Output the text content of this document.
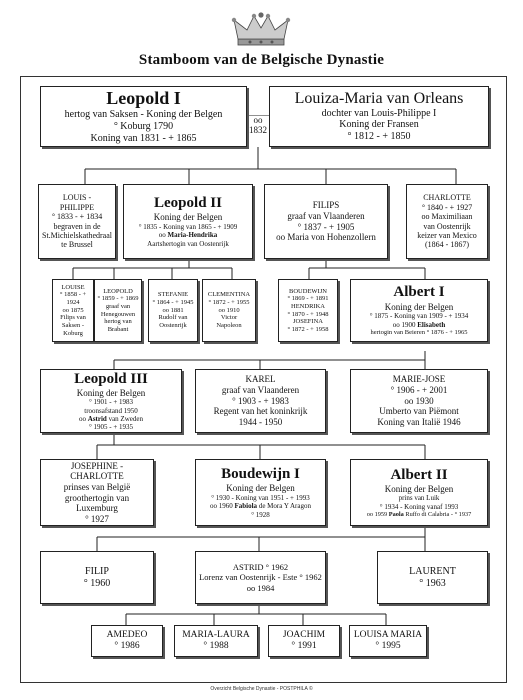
Stamboom van de Belgische Dynastie
oo
1832
Leopold I
hertog van Saksen - Koning der Belgen
° Koburg 1790
Koning van 1831 - + 1865
Louiza-Maria van Orleans
dochter van Louis-Philippe I
Koning der Fransen
° 1812 - + 1850
LOUIS -
PHILIPPE
° 1833 - + 1834
begraven in de
St.Michielskathedraal
te Brussel
Leopold II
Koning der Belgen
° 1835 - Koning van 1865 - + 1909
oo Maria-Hendrika
Aartshertogin van Oostenrijk
FILIPS
graaf van Vlaanderen
° 1837 - + 1905
oo Maria von Hohenzollern
CHARLOTTE
° 1840 - + 1927
oo Maximiliaan
van Oostenrijk
keizer van Mexico
(1864 - 1867)
LOUISE
° 1858 - + 1924
oo 1875
Filips van
Saksen -
Koburg
LEOPOLD
° 1859 - + 1869
graaf van
Henegouwen
hertog van
Brabant
STEFANIE
° 1864 - + 1945
oo 1881
Rudolf van
Oostenrijk
CLEMENTINA
° 1872 - + 1955
oo 1910
Victor
Napoleon
BOUDEWIJN
° 1869 - + 1891
HENDRIKA
° 1870 - + 1948
JOSEFINA
° 1872 - + 1958
Albert I
Koning der Belgen
° 1875 - Koning van 1909 - + 1934
oo 1900 Elisabeth
hertogin van Beieren ° 1876 - + 1965
Leopold III
Koning der Belgen
° 1901 - + 1983
troonsafstand 1950
oo Astrid van Zweden
° 1905 - + 1935
KAREL
graaf van Vlaanderen
° 1903 - + 1983
Regent van het koninkrijk
1944 - 1950
MARIE-JOSE
° 1906 - + 2001
oo 1930
Umberto van Piëmont
Koning van Italië 1946
JOSEPHINE -
CHARLOTTE
prinses van België
groothertogin van
Luxemburg
° 1927
Boudewijn I
Koning der Belgen
° 1930 - Koning van 1951 - + 1993
oo 1960 Fabiola de Mora Y Aragon
° 1928
Albert II
Koning der Belgen
prins van Luik
° 1934 - Koning vanaf 1993
oo 1959 Paola Ruffo di Calabria - ° 1937
FILIP
° 1960
ASTRID ° 1962
Lorenz van Oostenrijk - Este ° 1962
oo 1984
LAURENT
° 1963
AMEDEO
° 1986
MARIA-LAURA
° 1988
JOACHIM
° 1991
LOUISA MARIA
° 1995
Overzicht Belgische Dynastie - POSTPHILA ©
